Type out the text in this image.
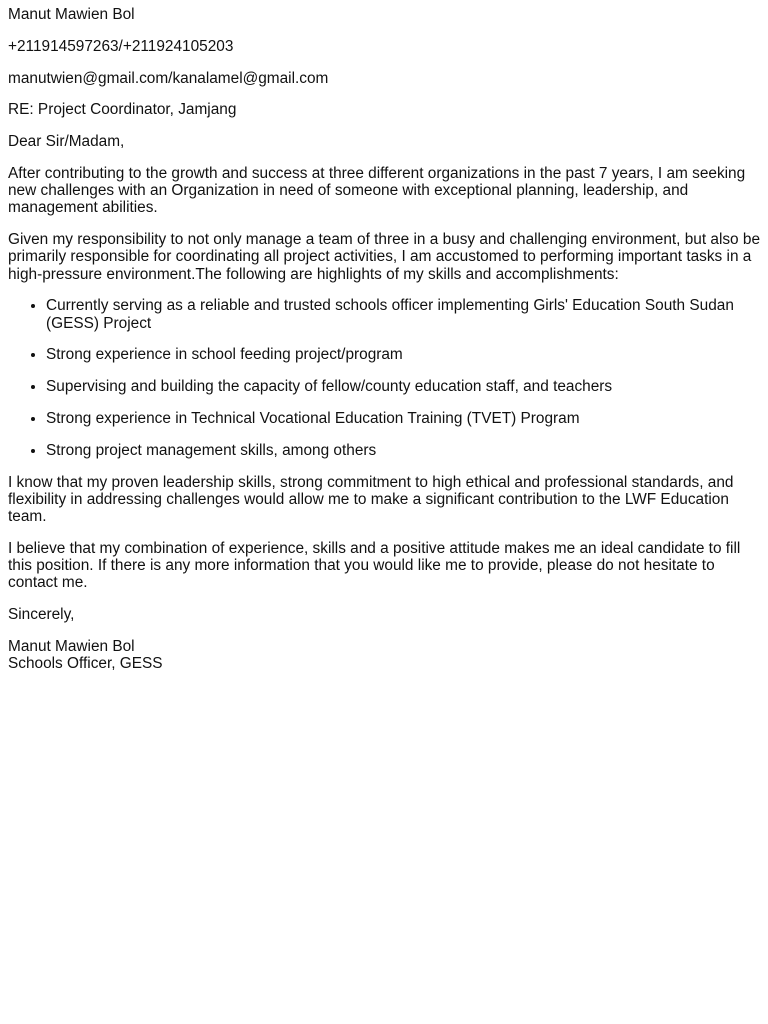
Manut Mawien Bol

+211914597263/+211924105203

manutwien@gmail.com/kanalamel@gmail.com

RE: Project Coordinator, Jamjang

Dear Sir/Madam,

After contributing to the growth and success at three different organizations in the past 7 years, I am seeking new challenges with an Organization in need of someone with exceptional planning, leadership, and management abilities.

Given my responsibility to not only manage a team of three in a busy and challenging environment, but also be primarily responsible for coordinating all project activities, I am accustomed to performing important tasks in a high-pressure environment.The following are highlights of my skills and accomplishments:

• Currently serving as a reliable and trusted schools officer implementing Girls' Education South Sudan (GESS) Project
• Strong experience in school feeding project/program
• Supervising and building the capacity of fellow/county education staff, and teachers
• Strong experience in Technical Vocational Education Training (TVET) Program
• Strong project management skills, among others

I know that my proven leadership skills, strong commitment to high ethical and professional standards, and flexibility in addressing challenges would allow me to make a significant contribution to the LWF Education team.

I believe that my combination of experience, skills and a positive attitude makes me an ideal candidate to fill this position. If there is any more information that you would like me to provide, please do not hesitate to contact me.

Sincerely,

Manut Mawien Bol
Schools Officer, GESS
